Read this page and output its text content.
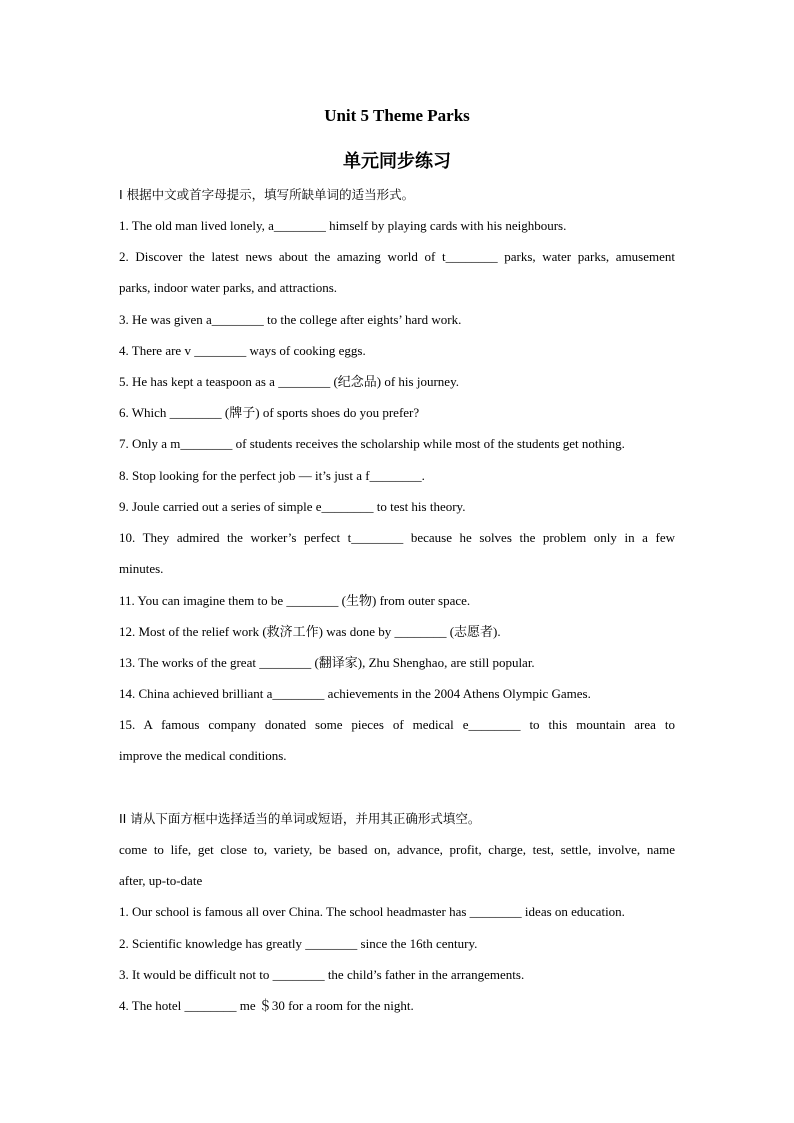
Unit 5 Theme Parks
单元同步练习
I 根据中文或首字母提示，填写所缺单词的适当形式。
1. The old man lived lonely, a________ himself by playing cards with his neighbours.
2. Discover the latest news about the amazing world of t________ parks, water parks, amusement
parks, indoor water parks, and attractions.
3. He was given a________ to the college after eights’ hard work.
4. There are v ________ ways of cooking eggs.
5. He has kept a teaspoon as a ________ (纪念品) of his journey.
6. Which ________ (牌子) of sports shoes do you prefer?
7. Only a m________ of students receives the scholarship while most of the students get nothing.
8. Stop looking for the perfect job — it’s just a f________.
9. Joule carried out a series of simple e________ to test his theory.
10. They admired the worker’s perfect t________ because he solves the problem only in a few
minutes.
11. You can imagine them to be ________ (生物) from outer space.
12. Most of the relief work (救济工作) was done by ________ (志愿者).
13. The works of the great ________ (翻译家), Zhu Shenghao, are still popular.
14. China achieved brilliant a________ achievements in the 2004 Athens Olympic Games.
15. A famous company donated some pieces of medical e________ to this mountain area to
improve the medical conditions.
II 请从下面方框中选择适当的单词或短语，并用其正确形式填空。
come to life, get close to, variety, be based on, advance, profit, charge, test, settle, involve, name
after, up-to-date
1. Our school is famous all over China. The school headmaster has ________ ideas on education.
2. Scientific knowledge has greatly ________ since the 16th century.
3. It would be difficult not to ________ the child’s father in the arrangements.
4. The hotel ________ me ＄30 for a room for the night.
